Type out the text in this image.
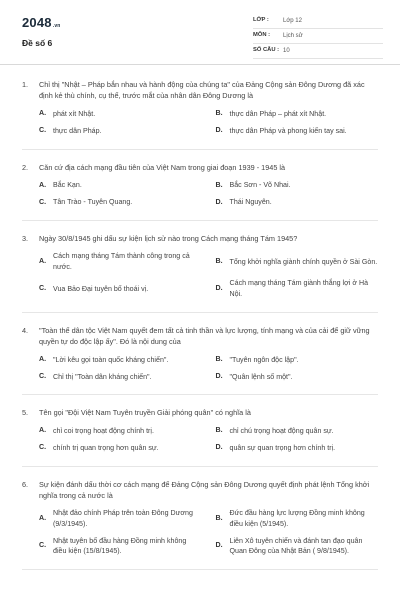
2048.vn
Đề số 6
LỚP :	Lớp 12
MÔN :	Lịch sử
SỐ CÂU : 10
1.	Chỉ thị "Nhật – Pháp bắn nhau và hành động của chúng ta" của Đảng Cộng sản Đông Dương đã xác định kẻ thù chính, cụ thể, trước mắt của nhân dân Đông Dương là
A. phát xít Nhật.	B. thực dân Pháp – phát xít Nhật.
C. thực dân Pháp.	D. thực dân Pháp và phong kiến tay sai.
2.	Căn cứ địa cách mạng đầu tiên của Việt Nam trong giai đoạn 1939 - 1945 là
A. Bắc Kạn.	B. Bắc Sơn - Võ Nhai.
C. Tân Trào - Tuyên Quang.	D. Thái Nguyên.
3.	Ngày 30/8/1945 ghi dấu sự kiện lịch sử nào trong Cách mạng tháng Tám 1945?
A.
Cách mạng tháng Tám thành công trong cả nước.
B. Tổng khởi nghĩa giành chính quyền ở Sài Gòn.
C. Vua Bảo Đại tuyên bố thoái vị.	D.
Cách mạng tháng Tám giành thắng lợi ở Hà Nội.
4.	"Toàn thể dân tộc Việt Nam quyết đem tất cả tinh thần và lực lượng, tính mạng và của cải để giữ vững quyền tự do độc lập ấy". Đó là nội dung của
A. "Lời kêu gọi toàn quốc kháng chiến".	B. "Tuyên ngôn độc lập".
C. Chỉ thị "Toàn dân kháng chiến".	D. "Quân lệnh số một".
5.	Tên gọi "Đội Việt Nam Tuyên truyền Giải phóng quân" có nghĩa là
A. chỉ coi trọng hoạt động chính trị.	B. chỉ chú trọng hoạt động quân sự.
C. chính trị quan trọng hơn quân sự.	D. quân sự quan trọng hơn chính trị.
6.	Sự kiện đánh dấu thời cơ cách mạng để Đảng Cộng sản Đông Dương quyết định phát lệnh Tổng khởi nghĩa trong cả nước là
A.
Nhật đảo chính Pháp trên toàn Đông Dương (9/3/1945).
B.
Đức đầu hàng lực lượng Đồng minh không điều kiện (5/1945).
C.
Nhật tuyên bố đầu hàng Đồng minh không điều kiện (15/8/1945).
D.
Liên Xô tuyên chiến và đánh tan đạo quân Quan Đông của Nhật Bản ( 9/8/1945).
